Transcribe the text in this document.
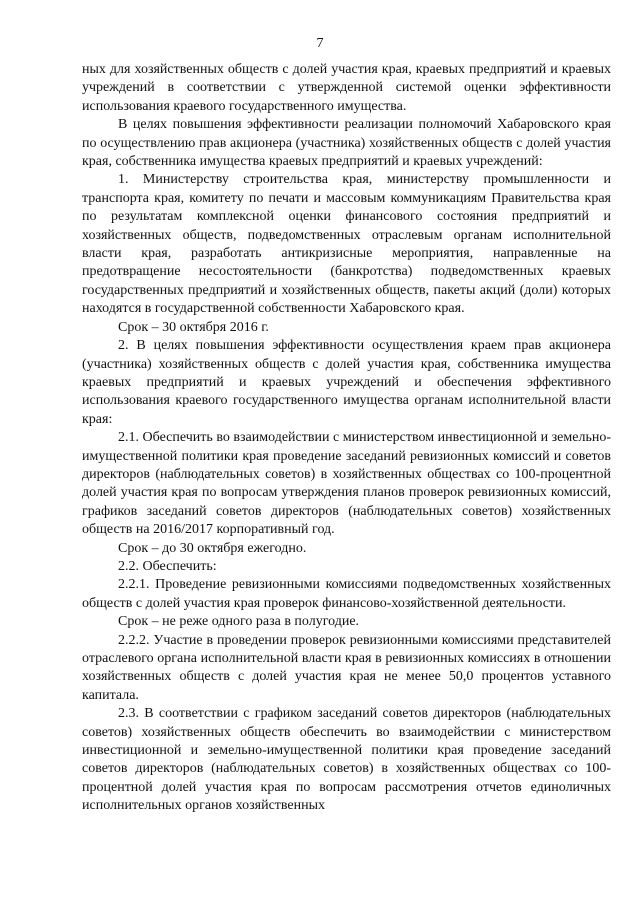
7

ных для хозяйственных обществ с долей участия края, краевых предприятий и краевых учреждений в соответствии с утвержденной системой оценки эффективности использования краевого государственного имущества.

В целях повышения эффективности реализации полномочий Хабаровского края по осуществлению прав акционера (участника) хозяйственных обществ с долей участия края, собственника имущества краевых предприятий и краевых учреждений:

1. Министерству строительства края, министерству промышленности и транспорта края, комитету по печати и массовым коммуникациям Правительства края по результатам комплексной оценки финансового состояния предприятий и хозяйственных обществ, подведомственных отраслевым органам исполнительной власти края, разработать антикризисные мероприятия, направленные на предотвращение несостоятельности (банкротства) подведомственных краевых государственных предприятий и хозяйственных обществ, пакеты акций (доли) которых находятся в государственной собственности Хабаровского края.

Срок – 30 октября 2016 г.

2. В целях повышения эффективности осуществления краем прав акционера (участника) хозяйственных обществ с долей участия края, собственника имущества краевых предприятий и краевых учреждений и обеспечения эффективного использования краевого государственного имущества органам исполнительной власти края:

2.1. Обеспечить во взаимодействии с министерством инвестиционной и земельно-имущественной политики края проведение заседаний ревизионных комиссий и советов директоров (наблюдательных советов) в хозяйственных обществах со 100-процентной долей участия края по вопросам утверждения планов проверок ревизионных комиссий, графиков заседаний советов директоров (наблюдательных советов) хозяйственных обществ на 2016/2017 корпоративный год.

Срок – до 30 октября ежегодно.

2.2. Обеспечить:

2.2.1. Проведение ревизионными комиссиями подведомственных хозяйственных обществ с долей участия края проверок финансово-хозяйственной деятельности.

Срок – не реже одного раза в полугодие.

2.2.2. Участие в проведении проверок ревизионными комиссиями представителей отраслевого органа исполнительной власти края в ревизионных комиссиях в отношении хозяйственных обществ с долей участия края не менее 50,0 процентов уставного капитала.

2.3. В соответствии с графиком заседаний советов директоров (наблюдательных советов) хозяйственных обществ обеспечить во взаимодействии с министерством инвестиционной и земельно-имущественной политики края проведение заседаний советов директоров (наблюдательных советов) в хозяйственных обществах со 100-процентной долей участия края по вопросам рассмотрения отчетов единоличных исполнительных органов хозяйственных
